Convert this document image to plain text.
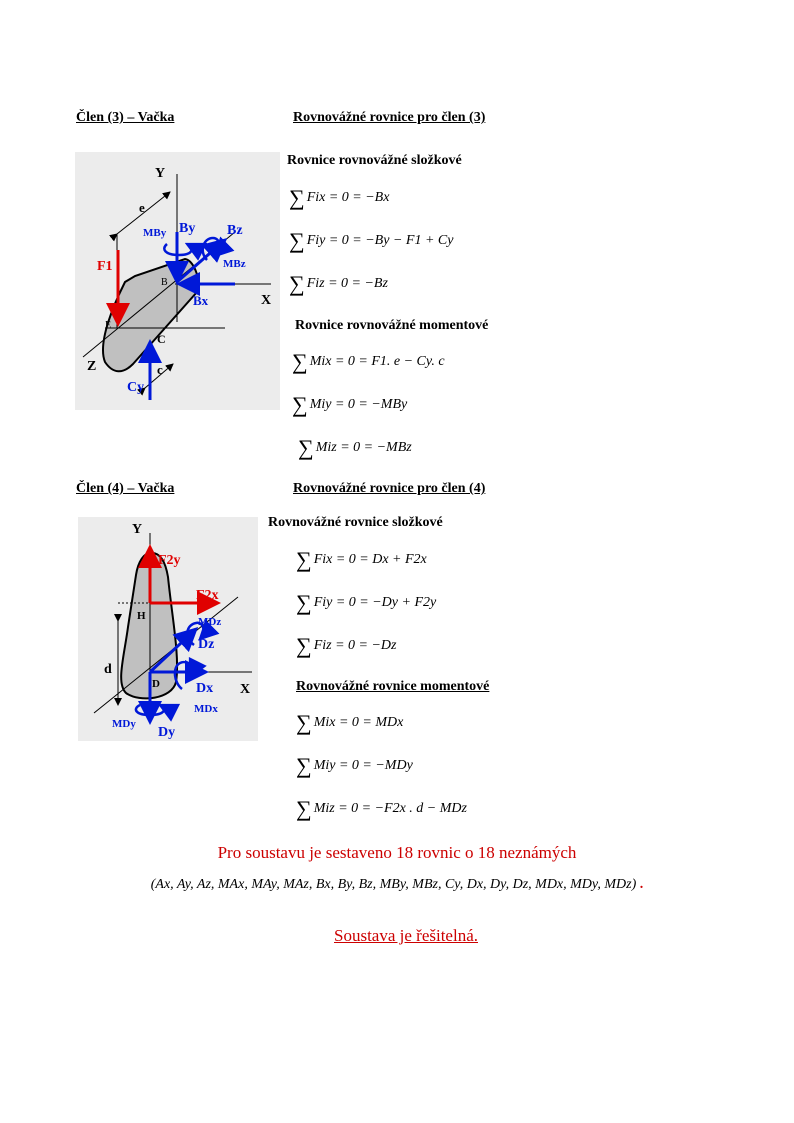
Člen (3) – Vačka	Rovnovážné rovnice pro člen (3)
B
E
C
Y
X
Z
e
c
F1
By Bz
Bx
Cy
MBy
MBz
Rovnice rovnovážné složkové
∑ Fix = 0 = −Bx
∑ Fiy = 0 = −By − F1 + Cy
∑ Fiz = 0 = −Bz
Rovnice rovnovážné momentové
∑ Mix = 0 = F1. e − Cy. c
∑ Miy = 0 = −MBy
∑ Miz = 0 = −MBz
Člen (4) – Vačka	Rovnovážné rovnice pro člen (4)
Y
X
H
D
d
F2y
F2x
MDz
Dz
Dx
MDx
MDy
Dy
Rovnovážné rovnice složkové
∑ Fix = 0 = Dx + F2x
∑ Fiy = 0 = −Dy + F2y
∑ Fiz = 0 = −Dz
Rovnovážné rovnice momentové
∑ Mix = 0 = MDx
∑ Miy = 0 = −MDy
∑ Miz = 0 = −F2x . d − MDz
Pro soustavu je sestaveno 18 rovnic o 18 neznámých
(Ax, Ay, Az, MAx, MAy, MAz, Bx, By, Bz, MBy, MBz, Cy, Dx, Dy, Dz, MDx, MDy, MDz) .
Soustava je řešitelná.
